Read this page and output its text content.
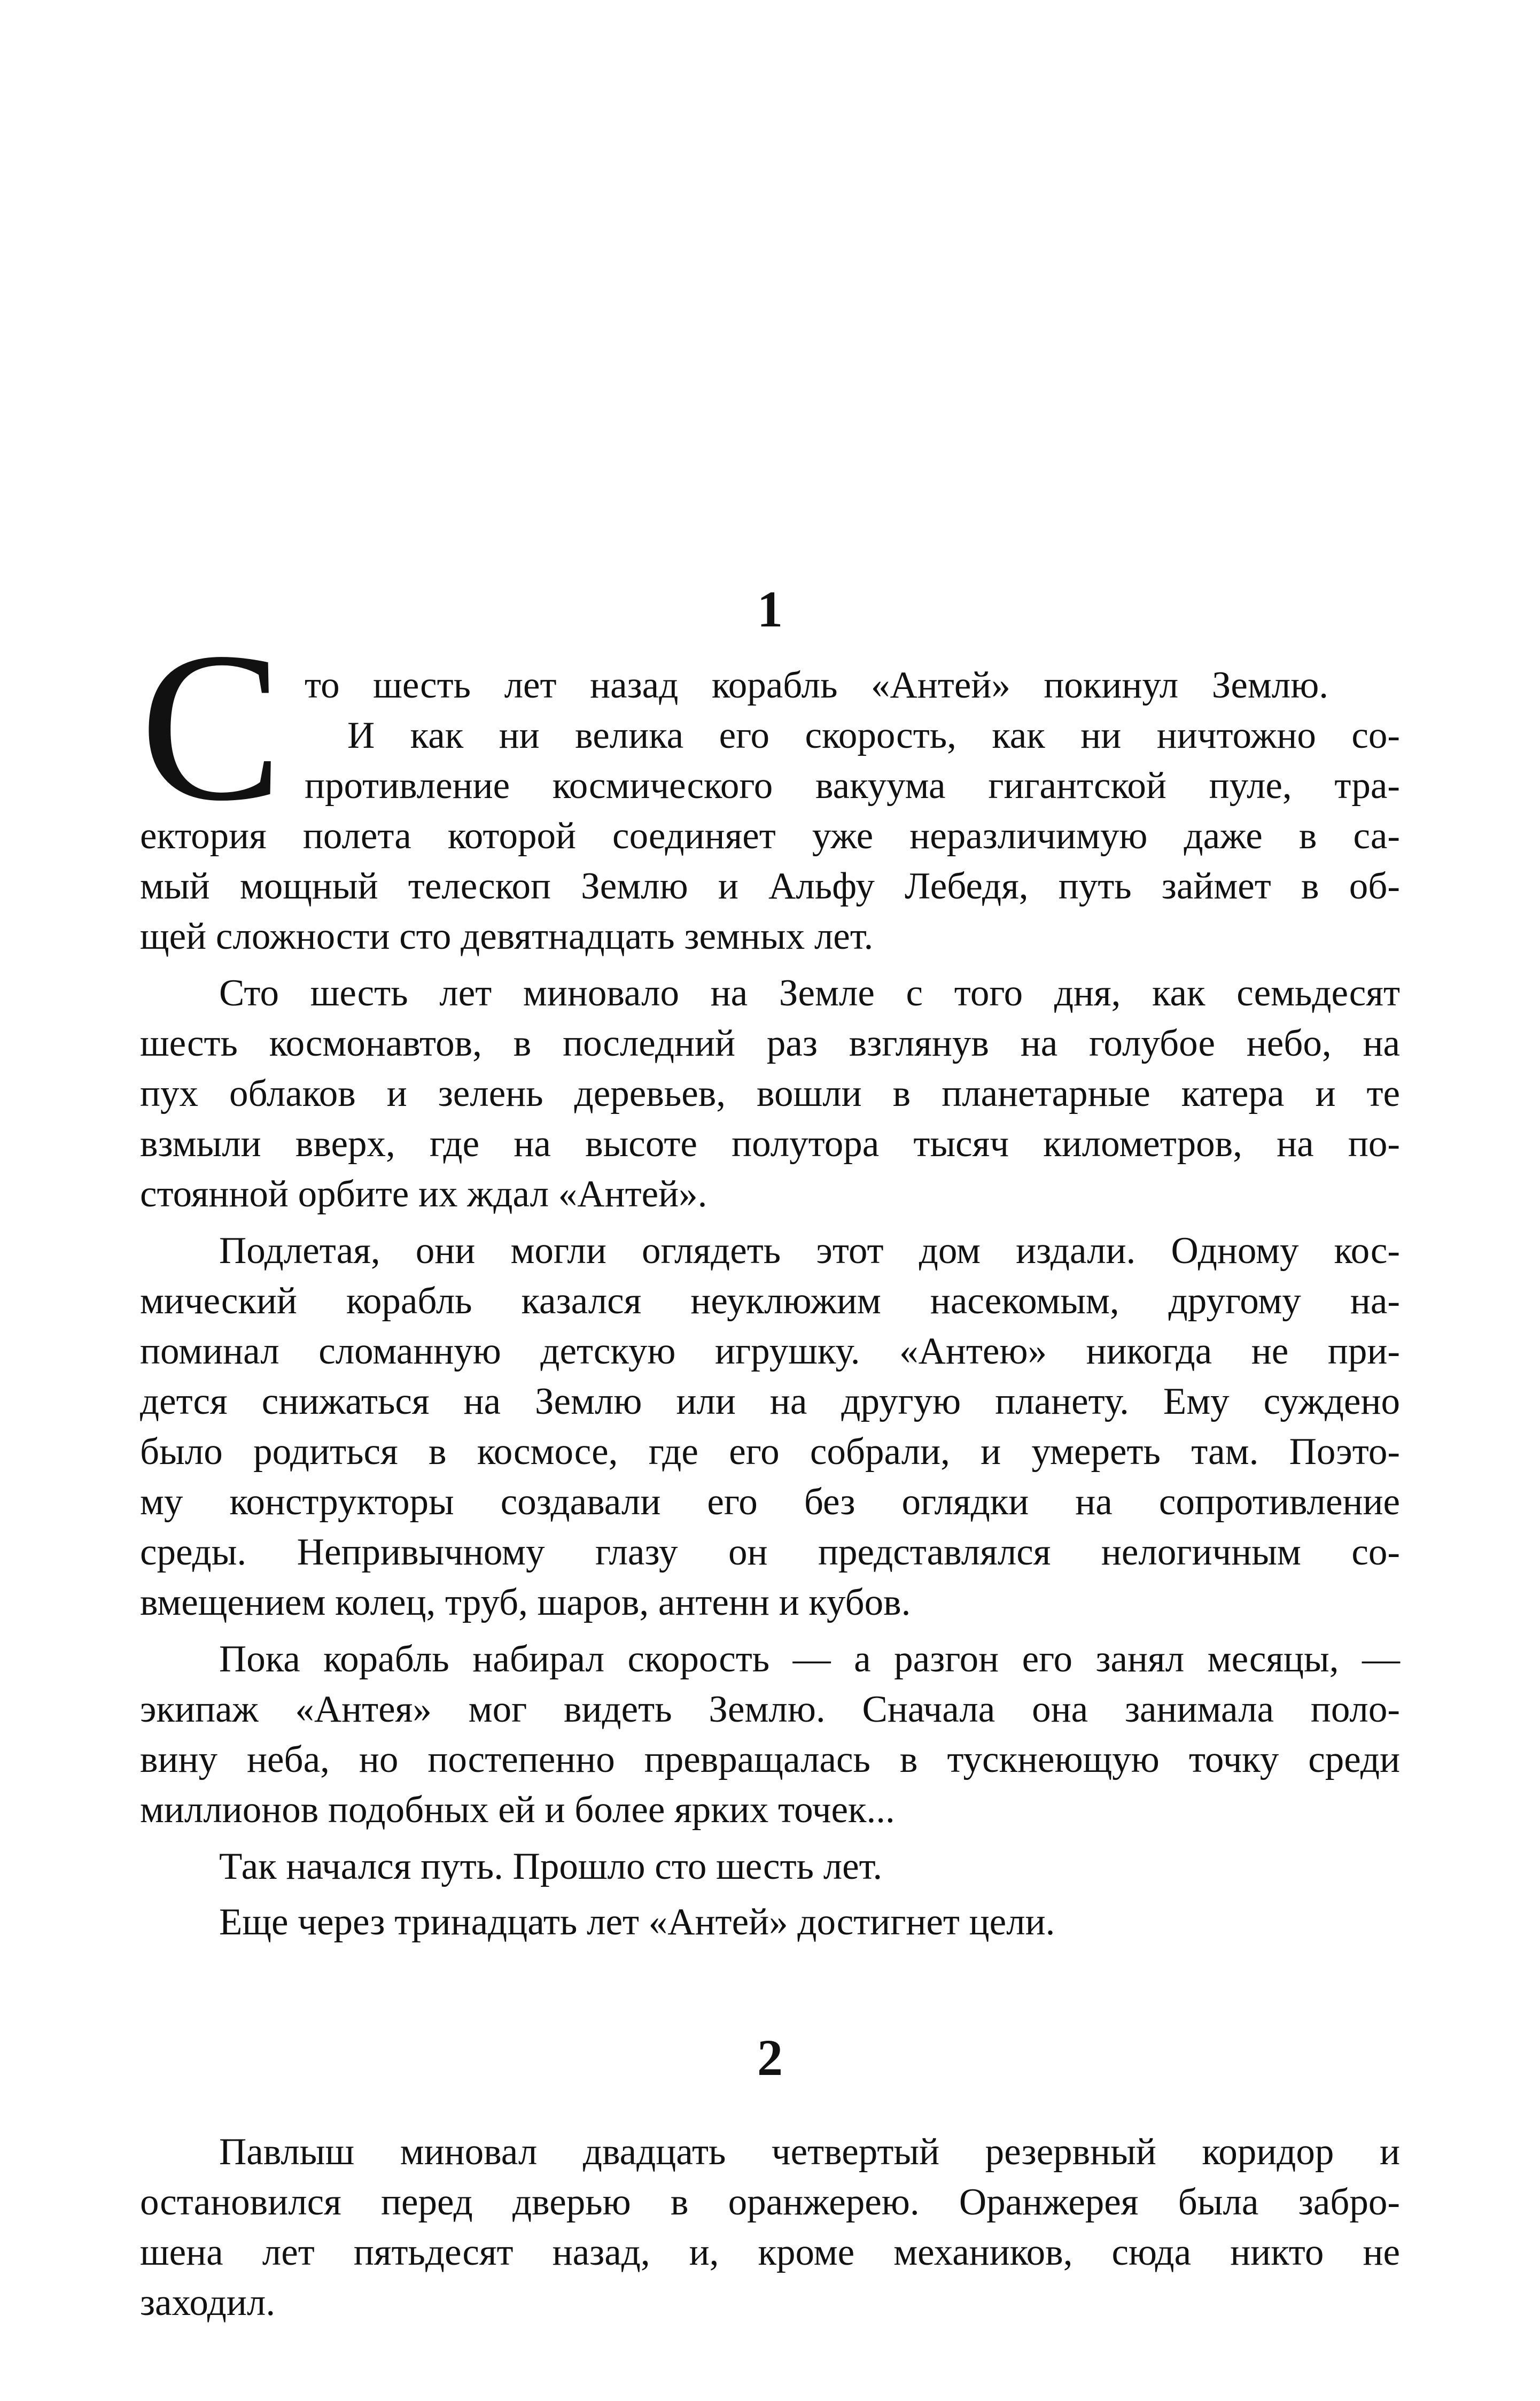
1
С то шесть лет назад корабль «Антей» покинул Землю.
И как ни велика его скорость, как ни ничтожно со-
противление космического вакуума гигантской пуле, тра-
ектория полета которой соединяет уже неразличимую даже в са-
мый мощный телескоп Землю и Альфу Лебедя, путь займет в об-
щей сложности сто девятнадцать земных лет.
Сто шесть лет миновало на Земле с того дня, как семьдесят
шесть космонавтов, в последний раз взглянув на голубое небо, на
пух облаков и зелень деревьев, вошли в планетарные катера и те
взмыли вверх, где на высоте полутора тысяч километров, на по-
стоянной орбите их ждал «Антей».
Подлетая, они могли оглядеть этот дом издали. Одному кос-
мический корабль казался неуклюжим насекомым, другому на-
поминал сломанную детскую игрушку. «Антею» никогда не при-
дется снижаться на Землю или на другую планету. Ему суждено
было родиться в космосе, где его собрали, и умереть там. Поэто-
му конструкторы создавали его без оглядки на сопротивление
среды. Непривычному глазу он представлялся нелогичным со-
вмещением колец, труб, шаров, антенн и кубов.
Пока корабль набирал скорость — а разгон его занял месяцы, —
экипаж «Антея» мог видеть Землю. Сначала она занимала поло-
вину неба, но постепенно превращалась в тускнеющую точку среди
миллионов подобных ей и более ярких точек...
Так начался путь. Прошло сто шесть лет.
Еще через тринадцать лет «Антей» достигнет цели.
2
Павлыш миновал двадцать четвертый резервный коридор и
остановился перед дверью в оранжерею. Оранжерея была забро-
шена лет пятьдесят назад, и, кроме механиков, сюда никто не
заходил.
